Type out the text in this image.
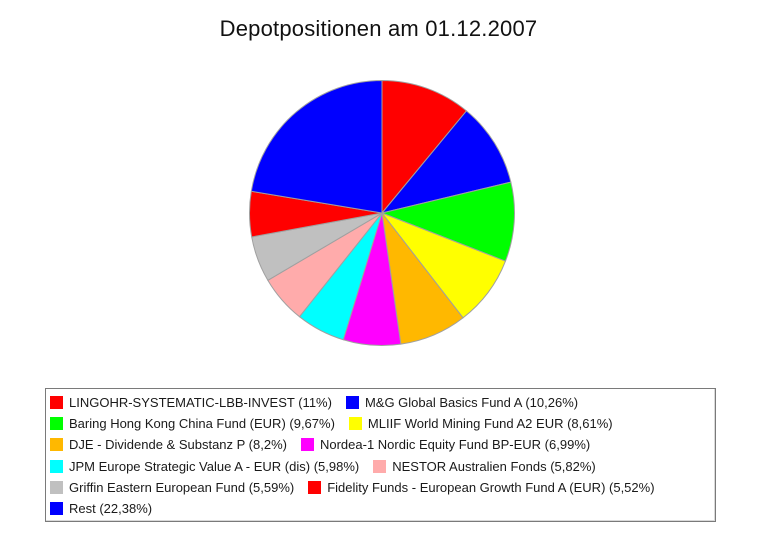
Depotpositionen am 01.12.2007
LINGOHR-SYSTEMATIC-LBB-INVEST (11%)	M&G Global Basics Fund A (10,26%)
Baring Hong Kong China Fund (EUR) (9,67%)	MLIIF World Mining Fund A2 EUR (8,61%)
DJE - Dividende & Substanz P (8,2%)	Nordea-1 Nordic Equity Fund BP-EUR (6,99%)
JPM Europe Strategic Value A - EUR (dis) (5,98%)	NESTOR Australien Fonds (5,82%)
Griffin Eastern European Fund (5,59%)	Fidelity Funds - European Growth Fund A (EUR) (5,52%)
Rest (22,38%)
